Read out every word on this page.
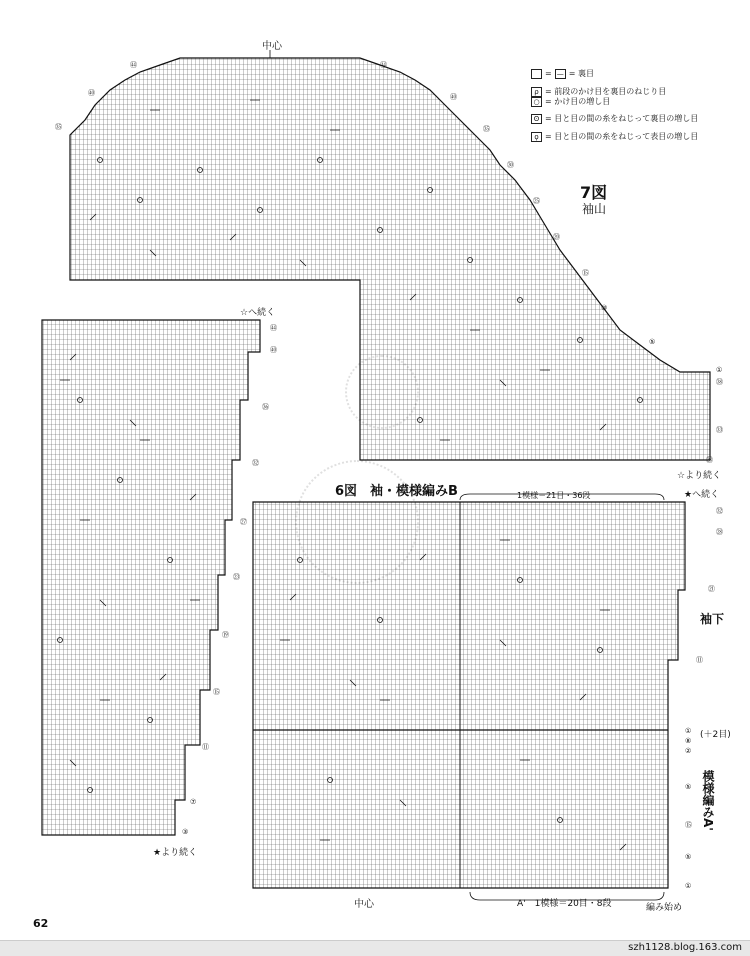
中心
= — = 裏目
ρ = 前段のかけ目を裏目のねじり目
○ = かけ目の増し目
ʘ = 目と目の間の糸をねじって裏目の増し目
ϙ = 目と目の間の糸をねじって表目の増し目
7図
袖山
㊹
㊵
㉟
㊹
㊵
㉟
㉚
㉕
⑳
⑮
⑩
⑤
①
㊳
㉝
㉘
☆へ続く
☆より続く
★へ続く
★より続く
㊹
㊵
㊱
㉜
㉗
㉓
⑲
⑮
⑪
⑦
③
6図　袖・模様編みB	1模様＝21目・36段
㉜
㉘
㉑
⑪
①
⑧
②
⑤
⑮
⑤
①
袖下
(＋2目)
模様編みA'
中心	A'　1模様＝20目・8段	編み始め
62
szh1128.blog.163.com
